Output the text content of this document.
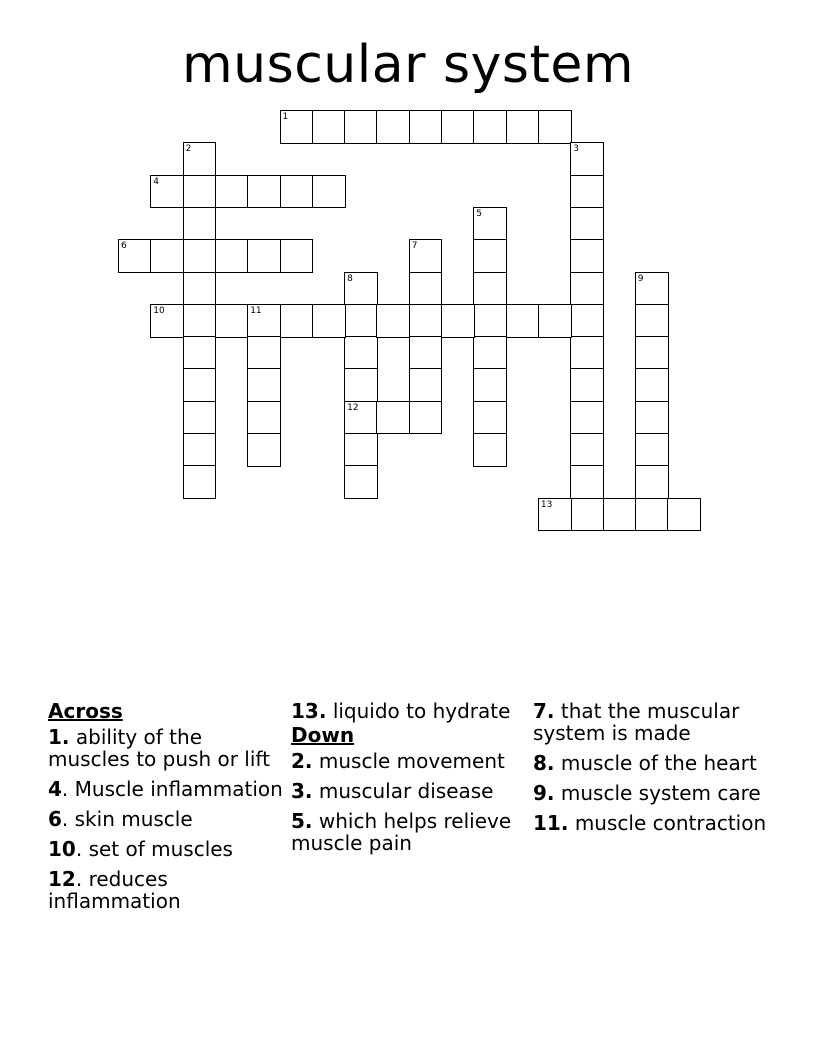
muscular system
1
2	3
4
5
6	7
8
12
9
10	11
13
Across
1. ability of the muscles to push or lift
4. Muscle inflammation
6. skin muscle
10. set of muscles
12. reduces inflammation
13. liquido to hydrate
Down
2. muscle movement
3. muscular disease
5. which helps relieve muscle pain
7. that the muscular system is made
8. muscle of the heart
9. muscle system care
11. muscle contraction
